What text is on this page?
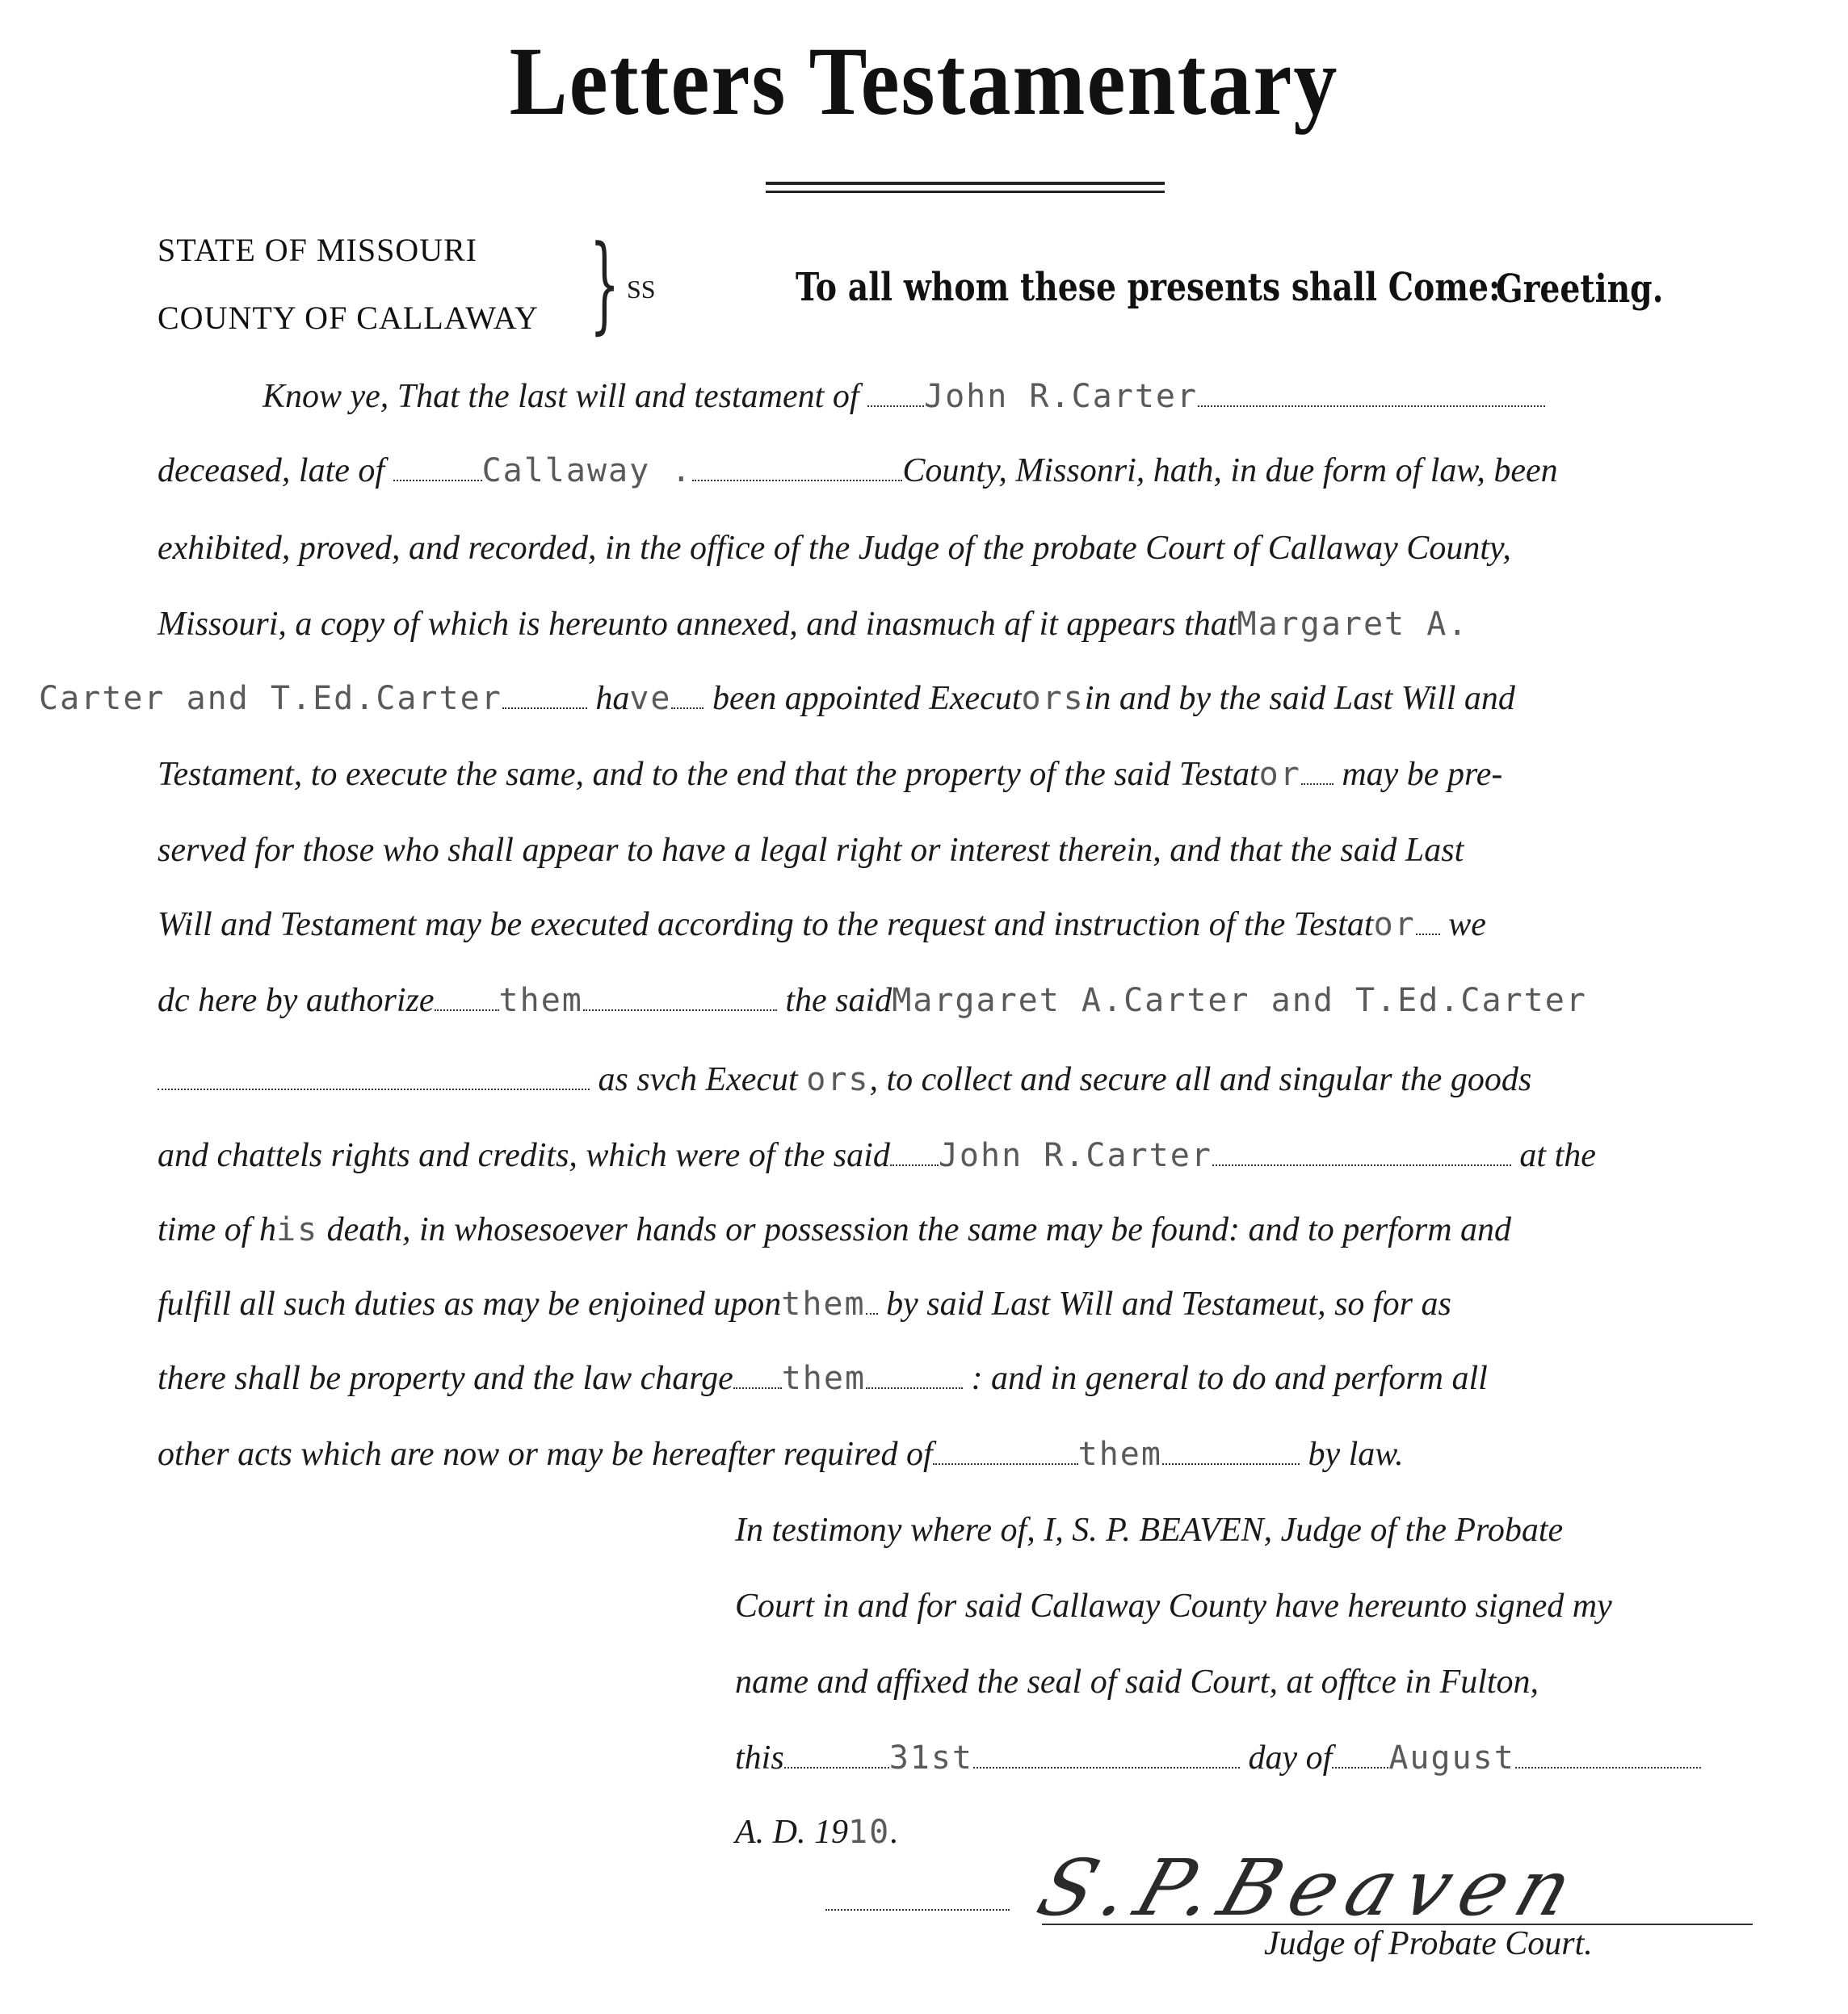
Letters Testamentary
STATE OF MISSOURI
COUNTY OF CALLAWAY } SS	To all whom these presents shall Come:
Greeting.
Know ye, That the last will and testament of John R.Carter
deceased, late of	Callaway .	County, Missonri, hath, in due form of law, been
exhibited, proved, and recorded, in the office of the Judge of the probate Court of Callaway County,
Missouri, a copy of which is hereunto annexed, and inasmuch af it appears thatMargaret A.
Carter and T.Ed.Carter	have been appointed Executorsin and by the said Last Will and
Testament, to execute the same, and to the end that the property of the said Testator may be pre-
served for those who shall appear to have a legal right or interest therein, and that the said Last
Will and Testament may be executed according to the request and instruction of the Testator we
dc here by authorize them	the saidMargaret A.Carter and T.Ed.Carter
as svch Execut ors, to collect and secure all and singular the goods
and chattels rights and credits, which were of the said John R.Carter	at the
time of his death, in whosesoever hands or possession the same may be found: and to perform and
fulfill all such duties as may be enjoined uponthem by said Last Will and Testameut, so for as
there shall be property and the law charge them	: and in general to do and perform all
other acts which are now or may be hereafter required of	them	by law.
In testimony where of, I, S. P. BEAVEN, Judge of the Probate
Court in and for said Callaway County have hereunto signed my
name and affixed the seal of said Court, at offtce in Fulton,
this	31st	day of August
A. D. 1910.
S.P.Beaven
Judge of Probate Court.
